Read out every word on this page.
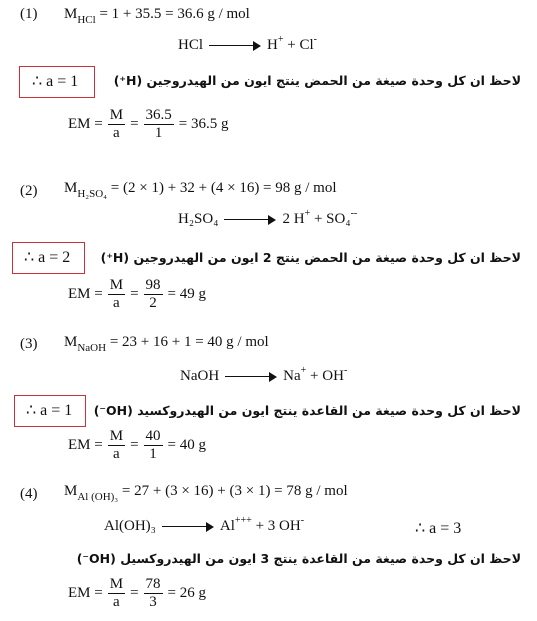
(1) $M_{HCl} = 1 + 35.5 = 36.6$ g / mol
HCl	H+ + Cl-
∴ a = 1	لاحظ ان كل وحدة صيغة من الحمض ينتج ايون من الهيدروجين (H⁺)
EM = $\frac{M}{a} = \frac{36.5}{1} = 36.5$ g
(2) $M_{H_2SO_4} = (2 \times 1) + 32 + (4 \times 16) = 98$ g / mol
H₂SO₄	2 H+ + SO₄--
∴ a = 2 لاحظ ان كل وحدة صيغة من الحمض ينتج 2 ايون من الهيدروجين (H⁺)
EM = $\frac{M}{a} = \frac{98}{2} = 49$ g
(3) $M_{NaOH} = 23 + 16 + 1 = 40$ g / mol
NaOH	Na+ + OH-
∴ a = 1 لاحظ ان كل وحدة صيغة من القاعدة ينتج ايون من الهيدروكسيد (OH⁻)
EM = $\frac{M}{a} = \frac{40}{1} = 40$ g
(4) $M_{Al (OH)_3} = 27 + (3 \times 16) + (3 \times 1) = 78$ g / mol
Al(OH)₃	Al+++ + 3 OH-	∴ a = 3
لاحظ ان كل وحدة صيغة من القاعدة ينتج 3 ايون من الهيدروكسيل (OH⁻)
EM = $\frac{M}{a} = \frac{78}{3} = 26$ g
